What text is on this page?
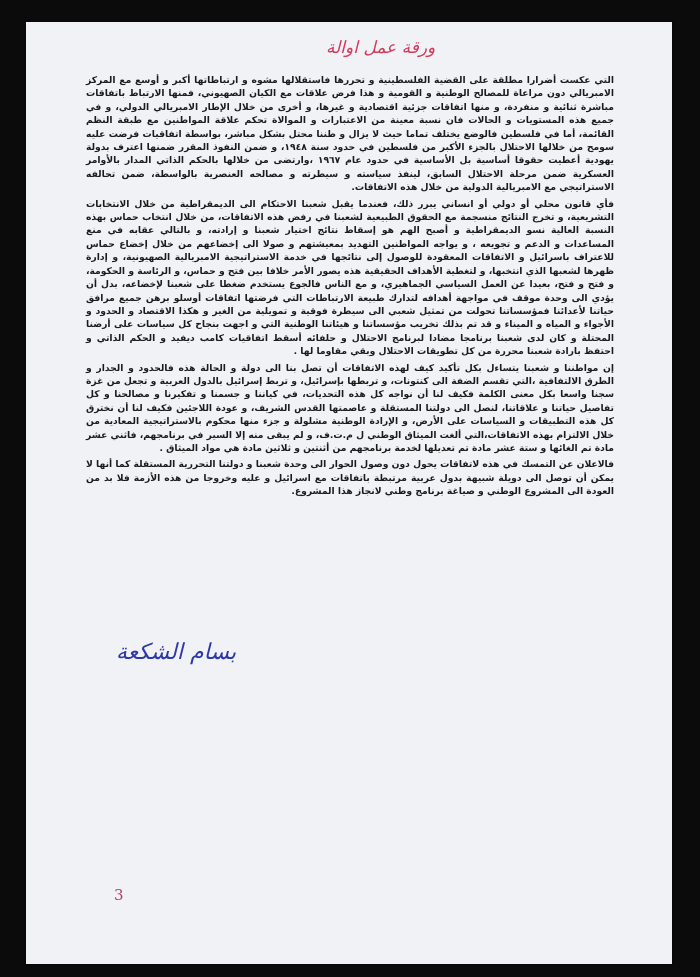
ورقة عمل اوالة

التي عكست أضرارا مطلقة على القضية الفلسطينية و تحررها فاستقلالها مشوه و ارتباطاتها أكبر و أوسع مع المركز الامبريالي دون مراعاة للمصالح الوطنية و القومية و هذا فرض علاقات مع الكيان الصهيوني، فمنها الارتباط باتفاقات مباشرة ثنائية و منفردة، و منها اتفاقات جزئية اقتصادية و غيرها، و أخرى من خلال الإطار الامبريالي الدولي، و في جميع هذه المستويات و الحالات فان نسبة معينة من الاعتبارات و الموالاة تحكم علاقة المواطنين مع طبقة النظم القائمة، أما في فلسطين فالوضع يختلف تماما حيث لا يزال و طننا محتل بشكل مباشر، بواسطة اتفاقيات فرضت عليه سومح من خلالها الاحتلال بالجزء الأكبر من فلسطين في حدود سنة ١٩٤٨، و ضمن النفوذ المقرر ضمنها اعترف بدولة يهودية أعطيت حقوقا أساسية بل الأساسية في حدود عام ١٩٦٧ ،وارتضى من خلالها بالحكم الذاتي المدار بالأوامر العسكرية ضمن مرحلة الاحتلال السابق، لينفذ سياسته و سيطرته و مصالحه العنصرية بالواسطة، ضمن تحالفه الاستراتيجي مع الامبريالية الدولية من خلال هذه الاتفاقات.

فأي قانون محلي أو دولي أو انساني يبرر ذلك، فعندما يقبل شعبنا الاحتكام الى الديمقراطية من خلال الانتخابات التشريعية، و تخرج النتائج منسجمة مع الحقوق الطبيعية لشعبنا في رفض هذه الاتفاقات، من خلال انتخاب حماس بهذه النسبة العالية نسو الديمقراطية و أصبح الهم هو إسقاط نتائج اختيار شعبنا و إرادته، و بالتالي عقابه في منع المساعدات و الدعم و تجويعه ، و يواجه المواطنين التهديد بمعيشتهم و صولا الى إخضاعهم من خلال إخضاع حماس للاعتراف باسرائيل و الاتفاقات المعقودة للوصول إلى نتائجها في خدمة الاستراتيجية الامبريالية الصهيونية، و إدارة ظهرها لشعبها الذي انتخبها، و لتغطية الأهداف الحقيقية هذه يصور الأمر خلافا بين فتح و حماس، و الرئاسة و الحكومة، و فتح و فتح، بعيدا عن العمل السياسي الجماهيري، و مع الناس فالجوع يستخدم ضغطا على شعبنا لإخضاعه، بدل أن يؤدي الى وحدة موقف في مواجهة أهدافه لتدارك طبيعة الارتباطات التي فرضتها اتفاقات أوسلو برهن جميع مرافق حياتنا لأعدائنا فمؤسساتنا تحولت من تمثيل شعبي الى سيطرة فوقية و تمويلية من الغير و هكذا الاقتصاد و الحدود و الأجواء و المياه و الميناء و قد تم بذلك تخريب مؤسساتنا و هيئاتنا الوطنية التي و اجهت بنجاح كل سياسات على أرضنا المحتلة و كان لدى شعبنا برنامجا مضادا لبرنامج الاحتلال و حلفائه أسقط اتفاقيات كامب ديفيد و الحكم الذاتي و احتفظ بارادة شعبنا محررة من كل تطويقات الاحتلال وبقي مقاوما لها .

إن مواطننا و شعبنا يتساءل بكل تأكيد كيف لهذه الاتفاقات أن تصل بنا الى دولة و الحالة هذه فالحدود و الجدار و الطرق الالتفافية ،التي تقسم الضفة الى كنتونات، و تربطها بإسرائيل، و تربط إسرائيل بالدول العربية و تجعل من غزة سجنا واسعا بكل معنى الكلمة فكيف لنا أن نواجه كل هذه التحديات، في كياننا و جسمنا و تفكيرنا و مصالحنا و كل تفاصيل حياتنا و علاقاتنا، لنصل الى دولتنا المستقلة و عاصمتها القدس الشريف، و عودة اللاجئين فكيف لنا أن نخترق كل هذه التطبيقات و السياسات على الأرض، و الإرادة الوطنية مشلولة و جزء منها محكوم بالاستراتيجية المعادية من خلال الالتزام بهذه الاتفاقات،التي ألغت الميثاق الوطني ل م.ت.ف، و لم يبقى منه إلا السير في برنامجهم، فاثني عشر مادة تم الغائها و ستة عشر مادة تم تعديلها لخدمة برنامجهم من أثنتين و ثلاثين مادة هي مواد الميثاق .

فالاعلان عن التمسك في هذه لاتفاقات يحول دون وصول الحوار الى وحدة شعبنا و دولتنا التحررية المستقلة كما أنها لا يمكن أن توصل الى دويلة شبيهة بدول عربية مرتبطة باتفاقات مع اسرائيل و عليه وخروجا من هذه الأزمة فلا بد من العودة الى المشروع الوطني و صياغة برنامج وطني لانجاز هذا المشروع.

بسام الشكعة
3
